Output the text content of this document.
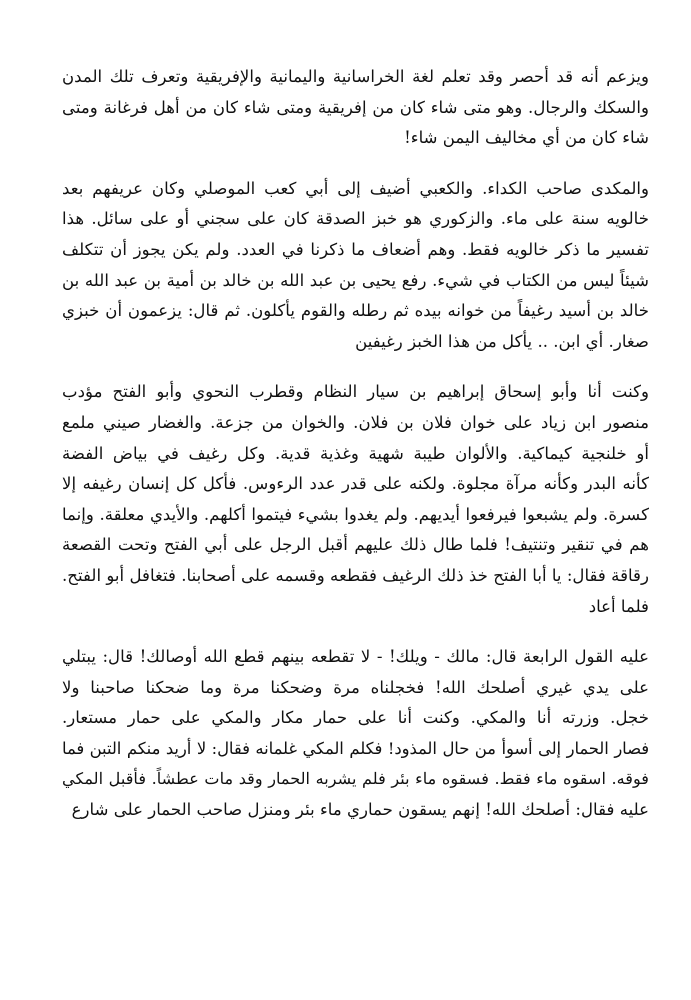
ويزعم أنه قد أحصر وقد تعلم لغة الخراسانية واليمانية والإفريقية وتعرف تلك المدن
والسكك والرجال. وهو متى شاء كان من إفريقية ومتى شاء كان من أهل فرغانة ومتى
شاء كان من أي مخاليف اليمن شاء!

والمكدى صاحب الكداء. والكعبي أضيف إلى أبي كعب الموصلي وكان عريفهم بعد
خالويه سنة على ماء. والزكوري هو خبز الصدقة كان على سجني أو على سائل. هذا
تفسير ما ذكر خالويه فقط. وهم أضعاف ما ذكرنا في العدد. ولم يكن يجوز أن تتكلف
شيئاً ليس من الكتاب في شيء. رفع يحيى بن عبد الله بن خالد بن أمية بن عبد الله بن
خالد بن أسيد رغيفاً من خوانه بيده ثم رطله والقوم يأكلون. ثم قال: يزعمون أن خبزي
صغار. أي ابن. .. يأكل من هذا الخبز رغيفين

وكنت أنا وأبو إسحاق إبراهيم بن سيار النظام وقطرب النحوي وأبو الفتح مؤدب
منصور ابن زياد على خوان فلان بن فلان. والخوان من جزعة. والغضار صيني ملمع
أو خلنجية كيماكية. والألوان طيبة شهية وغذية قدية. وكل رغيف في بياض الفضة
كأنه البدر وكأنه مرآة مجلوة. ولكنه على قدر عدد الرءوس. فأكل كل إنسان رغيفه إلا
كسرة. ولم يشبعوا فيرفعوا أيديهم. ولم يغدوا بشيء فيتموا أكلهم. والأيدي معلقة. وإنما
هم في تنقير وتنتيف! فلما طال ذلك عليهم أقبل الرجل على أبي الفتح وتحت القصعة
رقاقة فقال: يا أبا الفتح خذ ذلك الرغيف فقطعه وقسمه على أصحابنا. فتغافل أبو الفتح.
فلما أعاد

عليه القول الرابعة قال: مالك - ويلك! - لا تقطعه بينهم قطع الله أوصالك! قال: يبتلي
على يدي غيري أصلحك الله! فخجلناه مرة وضحكنا مرة وما ضحكنا صاحبنا ولا
خجل. وزرته أنا والمكي. وكنت أنا على حمار مكار والمكي على حمار مستعار.
فصار الحمار إلى أسوأ من حال المذود! فكلم المكي غلمانه فقال: لا أريد منكم التبن فما
فوقه. اسقوه ماء فقط. فسقوه ماء بئر فلم يشربه الحمار وقد مات عطشاً. فأقبل المكي
عليه فقال: أصلحك الله! إنهم يسقون حماري ماء بئر ومنزل صاحب الحمار على شارع
